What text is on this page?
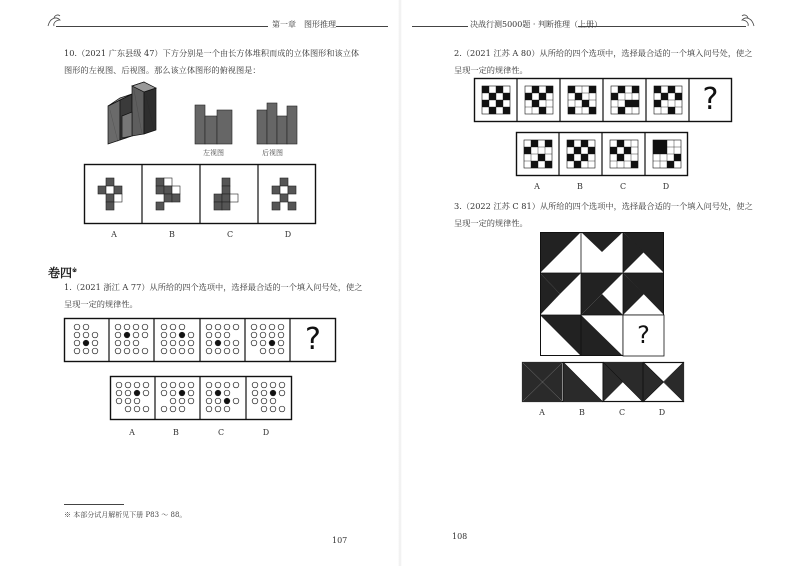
第一章　图形推理	决战行测5000题 · 判断推理（上册）
10.（2021 广东县级 47）下方分别是一个由长方体堆积而成的立体图形和该立体
图形的左视图、后视图。那么该立体图形的俯视图是：
左视图	后视图
A	B	C	D
卷四※
1.（2021 浙江 A 77）从所给的四个选项中，选择最合适的一个填入问号处，使之
呈现一定的规律性。
?
A	B	C	D
※ 本部分试月解析见下册 P83 ～ 88。
107
2.（2021 江苏 A 80）从所给的四个选项中，选择最合适的一个填入问号处，使之
呈现一定的规律性。
?
A	B	C	D
3.（2022 江苏 C 81）从所给的四个选项中，选择最合适的一个填入问号处，使之
呈现一定的规律性。
?
A	B	C	D
108
